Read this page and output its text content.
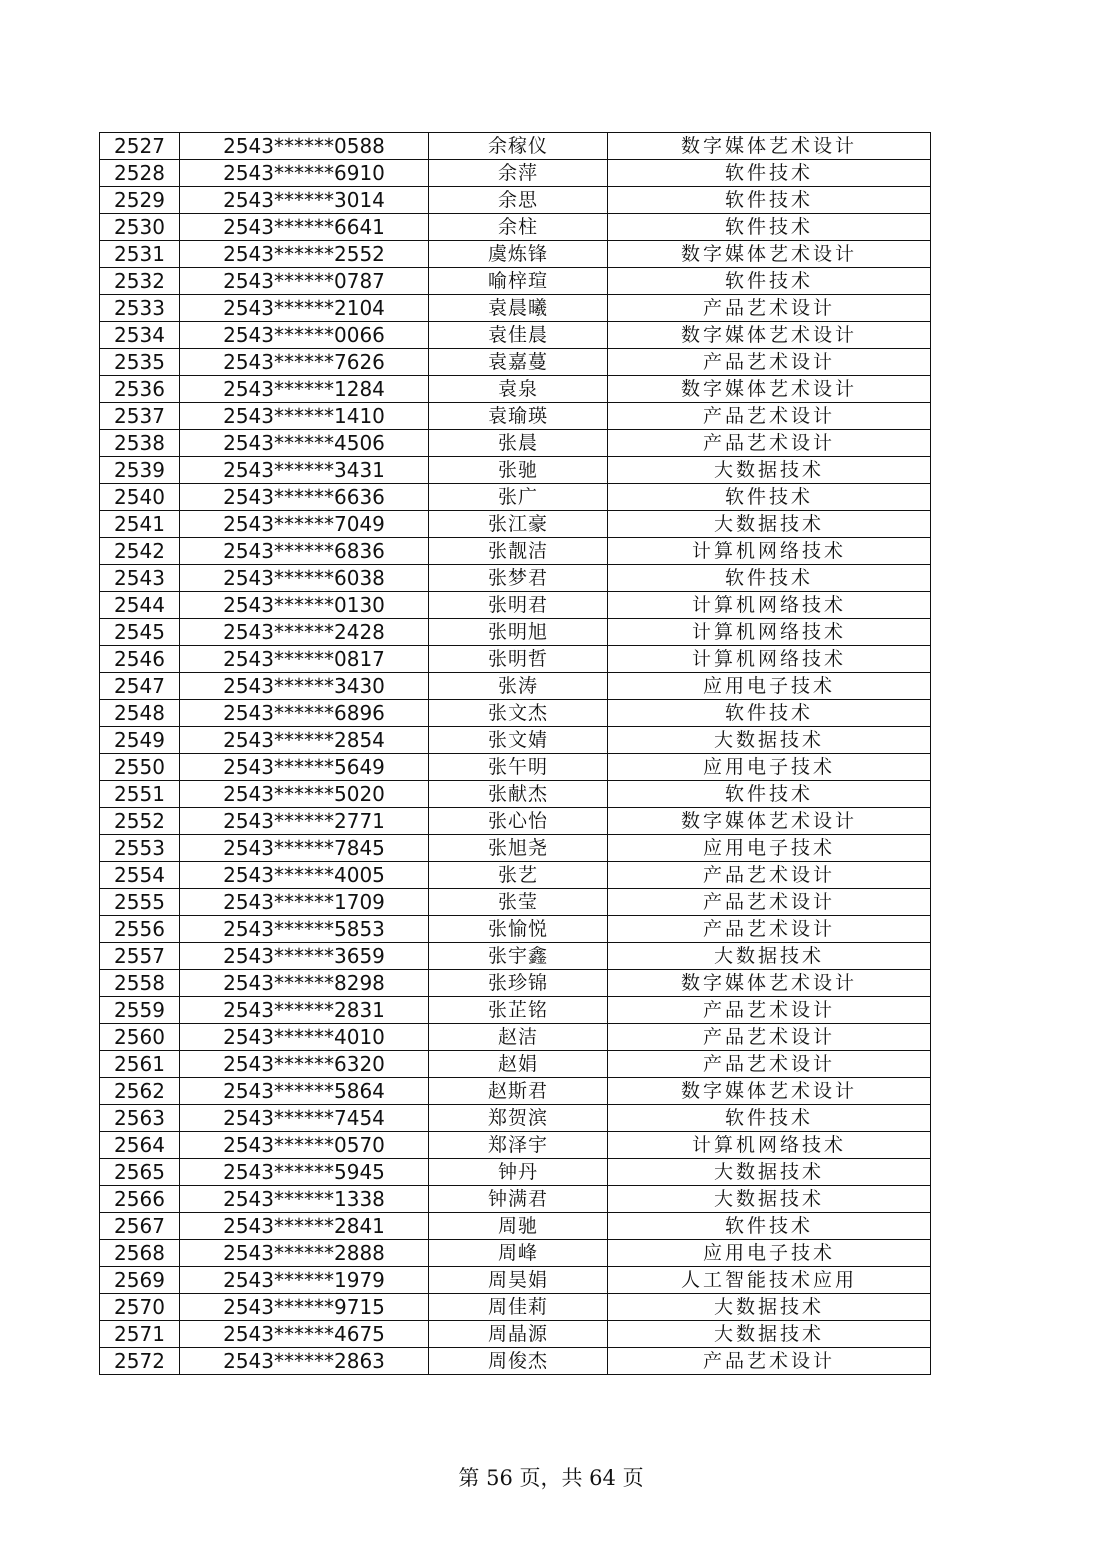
2527	2543******0588	余稼仪	数字媒体艺术设计
2528	2543******6910	余萍	软件技术
2529	2543******3014	余思	软件技术
2530	2543******6641	余柱	软件技术
2531	2543******2552	虞炼锋	数字媒体艺术设计
2532	2543******0787	喻梓瑄	软件技术
2533	2543******2104	袁晨曦	产品艺术设计
2534	2543******0066	袁佳晨	数字媒体艺术设计
2535	2543******7626	袁嘉蔓	产品艺术设计
2536	2543******1284	袁泉	数字媒体艺术设计
2537	2543******1410	袁瑜瑛	产品艺术设计
2538	2543******4506	张晨	产品艺术设计
2539	2543******3431	张驰	大数据技术
2540	2543******6636	张广	软件技术
2541	2543******7049	张江豪	大数据技术
2542	2543******6836	张靓洁	计算机网络技术
2543	2543******6038	张梦君	软件技术
2544	2543******0130	张明君	计算机网络技术
2545	2543******2428	张明旭	计算机网络技术
2546	2543******0817	张明哲	计算机网络技术
2547	2543******3430	张涛	应用电子技术
2548	2543******6896	张文杰	软件技术
2549	2543******2854	张文婧	大数据技术
2550	2543******5649	张午明	应用电子技术
2551	2543******5020	张献杰	软件技术
2552	2543******2771	张心怡	数字媒体艺术设计
2553	2543******7845	张旭尧	应用电子技术
2554	2543******4005	张艺	产品艺术设计
2555	2543******1709	张莹	产品艺术设计
2556	2543******5853	张愉悦	产品艺术设计
2557	2543******3659	张宇鑫	大数据技术
2558	2543******8298	张珍锦	数字媒体艺术设计
2559	2543******2831	张芷铭	产品艺术设计
2560	2543******4010	赵洁	产品艺术设计
2561	2543******6320	赵娟	产品艺术设计
2562	2543******5864	赵斯君	数字媒体艺术设计
2563	2543******7454	郑贺滨	软件技术
2564	2543******0570	郑泽宇	计算机网络技术
2565	2543******5945	钟丹	大数据技术
2566	2543******1338	钟满君	大数据技术
2567	2543******2841	周驰	软件技术
2568	2543******2888	周峰	应用电子技术
2569	2543******1979	周昊娟	人工智能技术应用
2570	2543******9715	周佳莉	大数据技术
2571	2543******4675	周晶源	大数据技术
2572	2543******2863	周俊杰	产品艺术设计
第 56 页，共 64 页
